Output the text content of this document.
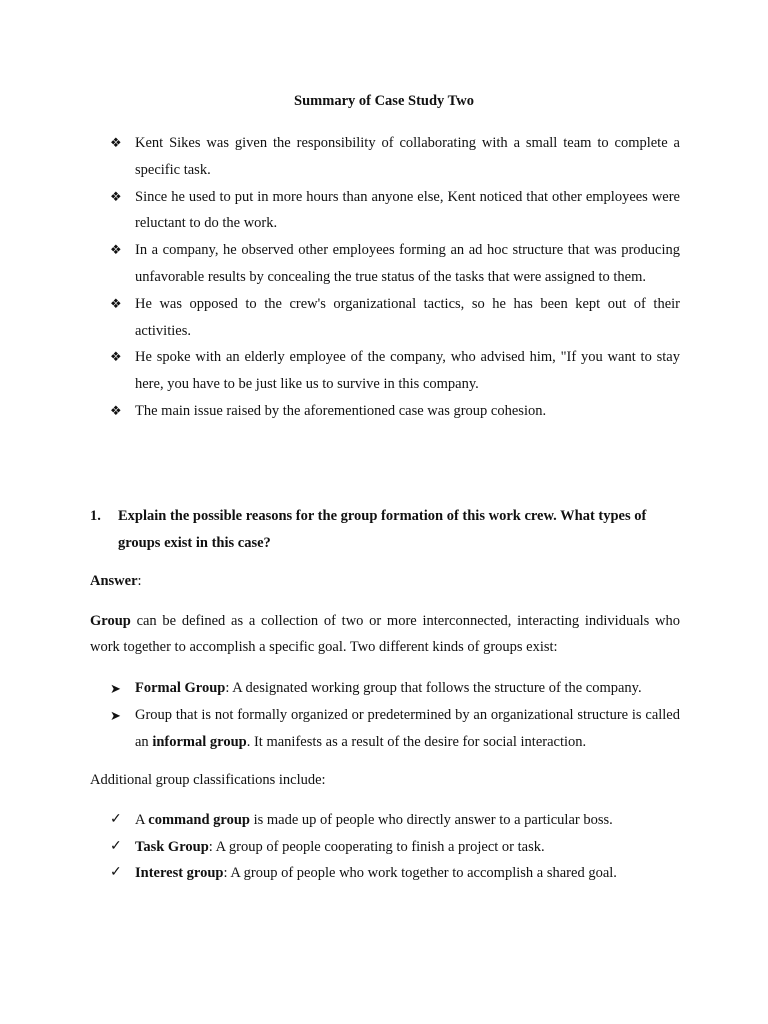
Summary of Case Study Two
❖ Kent Sikes was given the responsibility of collaborating with a small team to complete a specific task.
❖ Since he used to put in more hours than anyone else, Kent noticed that other employees were reluctant to do the work.
❖ In a company, he observed other employees forming an ad hoc structure that was producing unfavorable results by concealing the true status of the tasks that were assigned to them.
❖ He was opposed to the crew's organizational tactics, so he has been kept out of their activities.
❖ He spoke with an elderly employee of the company, who advised him, "If you want to stay here, you have to be just like us to survive in this company.
❖ The main issue raised by the aforementioned case was group cohesion.

1.	Explain the possible reasons for the group formation of this work crew. What types of groups exist in this case?

Answer:

Group can be defined as a collection of two or more interconnected, interacting individuals who work together to accomplish a specific goal. Two different kinds of groups exist:

➤ Formal Group: A designated working group that follows the structure of the company.
➤ Group that is not formally organized or predetermined by an organizational structure is called an informal group. It manifests as a result of the desire for social interaction.

Additional group classifications include:

✓ A command group is made up of people who directly answer to a particular boss.
✓ Task Group: A group of people cooperating to finish a project or task.
✓ Interest group: A group of people who work together to accomplish a shared goal.
